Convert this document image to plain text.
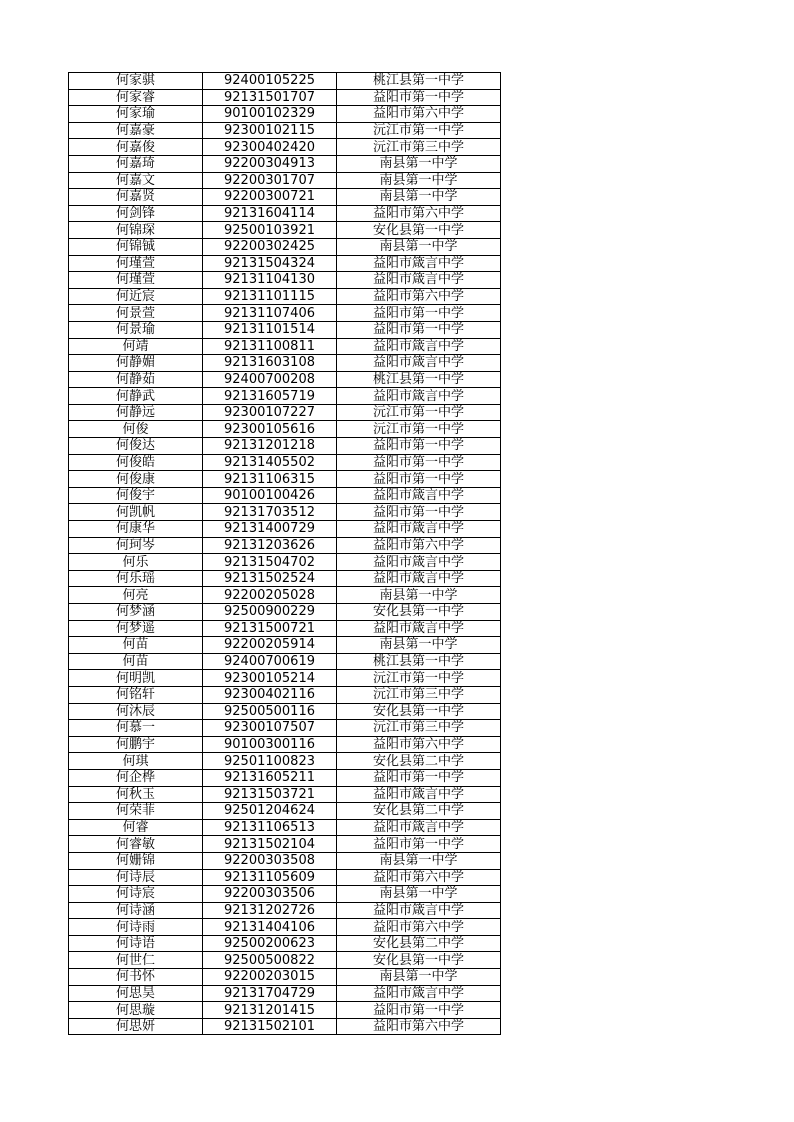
何家骐	92400105225	桃江县第一中学
何家睿	92131501707	益阳市第一中学
何家瑜	90100102329	益阳市第六中学
何嘉豪	92300102115	沅江市第一中学
何嘉俊	92300402420	沅江市第三中学
何嘉琦	92200304913	南县第一中学
何嘉文	92200301707	南县第一中学
何嘉贤	92200300721	南县第一中学
何剑锋	92131604114	益阳市第六中学
何锦琛	92500103921	安化县第一中学
何锦铖	92200302425	南县第一中学
何瑾萱	92131504324	益阳市箴言中学
何瑾萱	92131104130	益阳市箴言中学
何近宸	92131101115	益阳市第六中学
何景萱	92131107406	益阳市第一中学
何景瑜	92131101514	益阳市第一中学
何靖	92131100811	益阳市箴言中学
何静媚	92131603108	益阳市箴言中学
何静茹	92400700208	桃江县第一中学
何静武	92131605719	益阳市箴言中学
何静远	92300107227	沅江市第一中学
何俊	92300105616	沅江市第一中学
何俊达	92131201218	益阳市第一中学
何俊皓	92131405502	益阳市第一中学
何俊康	92131106315	益阳市第一中学
何俊宇	90100100426	益阳市箴言中学
何凯帆	92131703512	益阳市第一中学
何康华	92131400729	益阳市箴言中学
何珂岑	92131203626	益阳市第六中学
何乐	92131504702	益阳市箴言中学
何乐瑶	92131502524	益阳市箴言中学
何亮	92200205028	南县第一中学
何梦涵	92500900229	安化县第一中学
何梦遥	92131500721	益阳市箴言中学
何苗	92200205914	南县第一中学
何苗	92400700619	桃江县第一中学
何明凯	92300105214	沅江市第一中学
何铭轩	92300402116	沅江市第三中学
何沐辰	92500500116	安化县第一中学
何慕一	92300107507	沅江市第三中学
何鹏宇	90100300116	益阳市第六中学
何琪	92501100823	安化县第二中学
何企桦	92131605211	益阳市第一中学
何秋玉	92131503721	益阳市箴言中学
何荣菲	92501204624	安化县第二中学
何睿	92131106513	益阳市箴言中学
何睿敏	92131502104	益阳市第一中学
何姗锦	92200303508	南县第一中学
何诗辰	92131105609	益阳市第六中学
何诗宸	92200303506	南县第一中学
何诗涵	92131202726	益阳市箴言中学
何诗雨	92131404106	益阳市第六中学
何诗语	92500200623	安化县第二中学
何世仁	92500500822	安化县第一中学
何书怀	92200203015	南县第一中学
何思昊	92131704729	益阳市箴言中学
何思璇	92131201415	益阳市第一中学
何思妍	92131502101	益阳市第六中学
